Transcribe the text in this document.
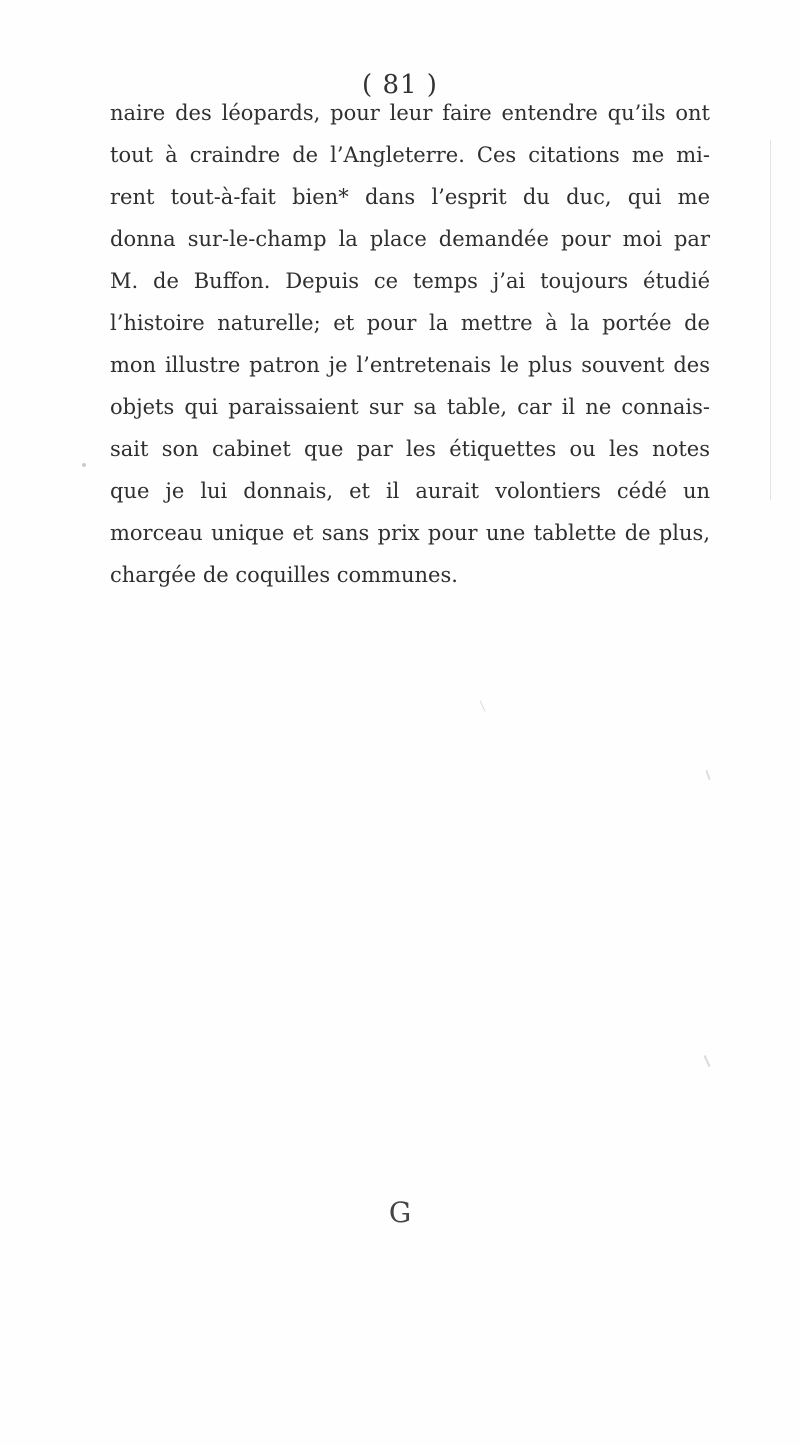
( 81 )
naire des léopards, pour leur faire entendre qu’ils ont
tout à craindre de l’Angleterre. Ces citations me mi-
rent tout-à-fait bien* dans l’esprit du duc, qui me
donna sur-le-champ la place demandée pour moi par
M. de Buffon. Depuis ce temps j’ai toujours étudié
l’histoire naturelle; et pour la mettre à la portée de
mon illustre patron je l’entretenais le plus souvent des
objets qui paraissaient sur sa table, car il ne connais-
sait son cabinet que par les étiquettes ou les notes
que je lui donnais, et il aurait volontiers cédé un
morceau unique et sans prix pour une tablette de plus,
chargée de coquilles communes.
G
